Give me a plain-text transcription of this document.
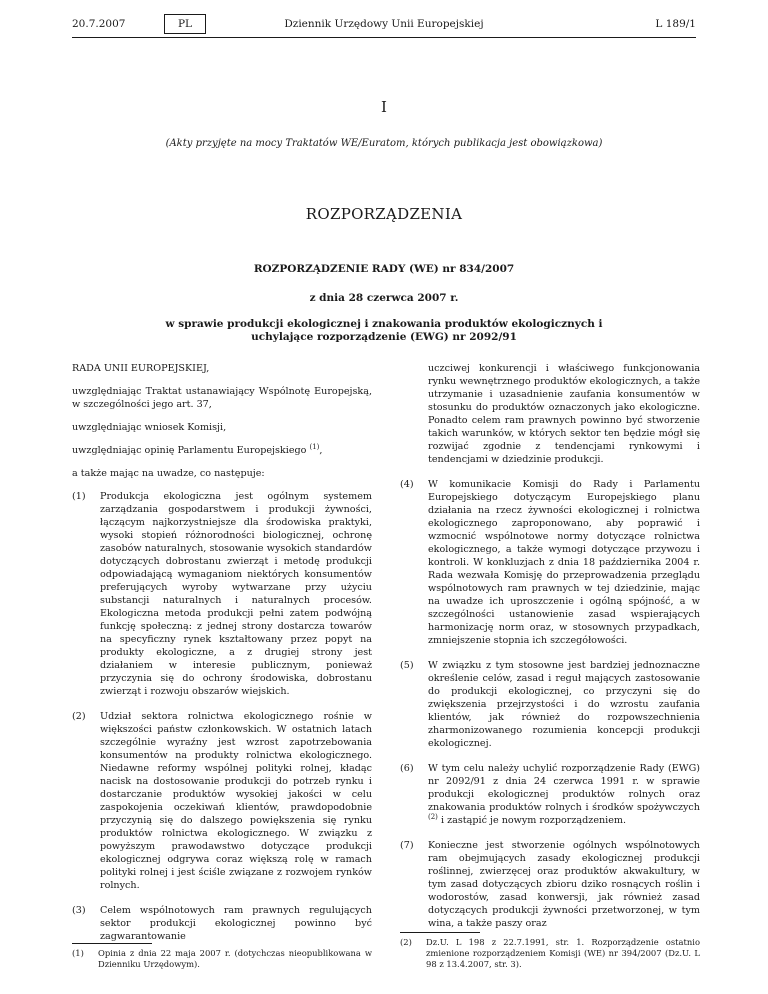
20.7.2007	PL	Dziennik Urzędowy Unii Europejskiej	L 189/1
I
(Akty przyjęte na mocy Traktatów WE/Euratom, których publikacja jest obowiązkowa)
ROZPORZĄDZENIA
ROZPORZĄDZENIE RADY (WE) nr 834/2007
z dnia 28 czerwca 2007 r.
w sprawie produkcji ekologicznej i znakowania produktów ekologicznych i uchylające rozporządzenie (EWG) nr 2092/91

RADA UNII EUROPEJSKIEJ,

uwzględniając Traktat ustanawiający Wspólnotę Europejską, w szczególności jego art. 37,

uwzględniając wniosek Komisji,

uwzględniając opinię Parlamentu Europejskiego $^{(1)}$,

a także mając na uwadze, co następuje:

(1)	Produkcja ekologiczna jest ogólnym systemem zarządzania gospodarstwem i produkcji żywności, łączącym najkorzystniejsze dla środowiska praktyki, wysoki stopień różnorodności biologicznej, ochronę zasobów naturalnych, stosowanie wysokich standardów dotyczących dobrostanu zwierząt i metodę produkcji odpowiadającą wymaganiom niektórych konsumentów preferujących wyroby wytwarzane przy użyciu substancji naturalnych i naturalnych procesów. Ekologiczna metoda produkcji pełni zatem podwójną funkcję społeczną: z jednej strony dostarcza towarów na specyficzny rynek kształtowany przez popyt na produkty ekologiczne, a z drugiej strony jest działaniem w interesie publicznym, ponieważ przyczynia się do ochrony środowiska, dobrostanu zwierząt i rozwoju obszarów wiejskich.
(2)	Udział sektora rolnictwa ekologicznego rośnie w większości państw członkowskich. W ostatnich latach szczególnie wyraźny jest wzrost zapotrzebowania konsumentów na produkty rolnictwa ekologicznego. Niedawne reformy wspólnej polityki rolnej, kładąc nacisk na dostosowanie produkcji do potrzeb rynku i dostarczanie produktów wysokiej jakości w celu zaspokojenia oczekiwań klientów, prawdopodobnie przyczynią się do dalszego powiększenia się rynku produktów rolnictwa ekologicznego. W związku z powyższym prawodawstwo dotyczące produkcji ekologicznej odgrywa coraz większą rolę w ramach polityki rolnej i jest ściśle związane z rozwojem rynków rolnych.
(3)	Celem wspólnotowych ram prawnych regulujących sektor produkcji ekologicznej powinno być zagwarantowanie

uczciwej konkurencji i właściwego funkcjonowania rynku wewnętrznego produktów ekologicznych, a także utrzymanie i uzasadnienie zaufania konsumentów w stosunku do produktów oznaczonych jako ekologiczne. Ponadto celem ram prawnych powinno być stworzenie takich warunków, w których sektor ten będzie mógł się rozwijać zgodnie z tendencjami rynkowymi i tendencjami w dziedzinie produkcji.

(4)	W komunikacie Komisji do Rady i Parlamentu Europejskiego dotyczącym Europejskiego planu działania na rzecz żywności ekologicznej i rolnictwa ekologicznego zaproponowano, aby poprawić i wzmocnić wspólnotowe normy dotyczące rolnictwa ekologicznego, a także wymogi dotyczące przywozu i kontroli. W konkluzjach z dnia 18 października 2004 r. Rada wezwała Komisję do przeprowadzenia przeglądu wspólnotowych ram prawnych w tej dziedzinie, mając na uwadze ich uproszczenie i ogólną spójność, a w szczególności ustanowienie zasad wspierających harmonizację norm oraz, w stosownych przypadkach, zmniejszenie stopnia ich szczegółowości.
(5)	W związku z tym stosowne jest bardziej jednoznaczne określenie celów, zasad i reguł mających zastosowanie do produkcji ekologicznej, co przyczyni się do zwiększenia przejrzystości i do wzrostu zaufania klientów, jak również do rozpowszechnienia zharmonizowanego rozumienia koncepcji produkcji ekologicznej.
(6)	W tym celu należy uchylić rozporządzenie Rady (EWG) nr 2092/91 z dnia 24 czerwca 1991 r. w sprawie produkcji ekologicznej produktów rolnych oraz znakowania produktów rolnych i środków spożywczych $^{(2)}$ i zastąpić je nowym rozporządzeniem.
(7)	Konieczne jest stworzenie ogólnych wspólnotowych ram obejmujących zasady ekologicznej produkcji roślinnej, zwierzęcej oraz produktów akwakultury, w tym zasad dotyczących zbioru dziko rosnących roślin i wodorostów, zasad konwersji, jak również zasad dotyczących produkcji żywności przetworzonej, w tym wina, a także paszy oraz
(1)	Opinia z dnia 22 maja 2007 r. (dotychczas nieopublikowana w Dzienniku Urzędowym).
(2)	Dz.U. L 198 z 22.7.1991, str. 1. Rozporządzenie ostatnio zmienione rozporządzeniem Komisji (WE) nr 394/2007 (Dz.U. L 98 z 13.4.2007, str. 3).
